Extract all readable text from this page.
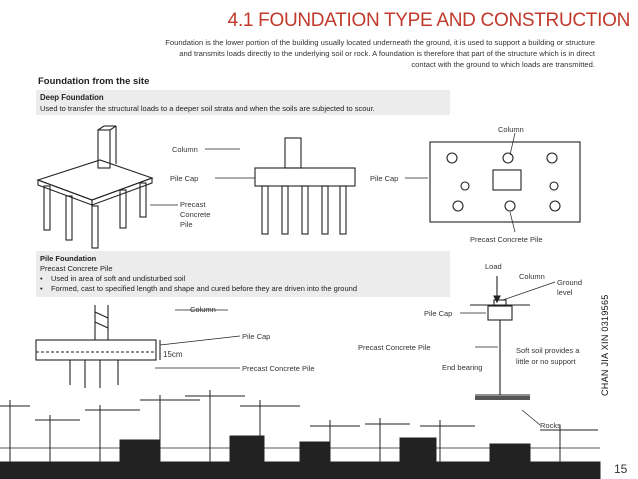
4.1 FOUNDATION TYPE AND CONSTRUCTION
Foundation is the lower portion of the building usually located underneath the ground, it is used to support a building or structure
and transmits loads directly to the underlying soil or rock. A foundation is therefore that part of the structure which is in direct
contact with the ground to which loads are transmitted.
Foundation from the site
Deep Foundation
Used to transfer the structural loads to a deeper soil strata and when the soils are subjected to scour.
Column
Pile Cap
Precast
Concrete
Pile
Pile Cap
Column
Precast Concrete Pile
Pile Foundation
Precast Concrete Pile
•    Used in area of soft and undisturbed soil
•    Formed, cast to specified length and shape and cured before they are driven into the ground
Column
Pile Cap
Precast Concrete Pile
15cm
Load
Column
Ground
level
Pile Cap
Precast Concrete Pile	Soft soil provides a
little or no support
End bearing
Rocks
CHAN JIA XIN 0319565
15
